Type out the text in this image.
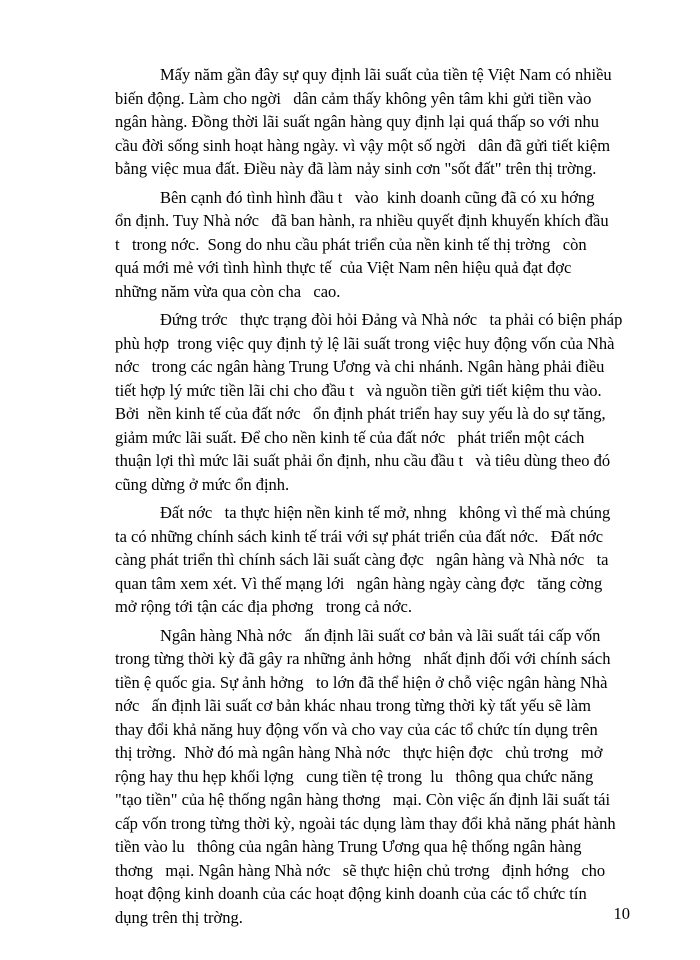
Mấy năm gần đây sự quy định lãi suất của tiền tệ Việt Nam có nhiều
biến động. Làm cho ngời   dân cảm thấy không yên tâm khi gửi tiền vào
ngân hàng. Đồng thời lãi suất ngân hàng quy định lại quá thấp so với nhu
cầu đời sống sinh hoạt hàng ngày. vì vậy một số ngời   dân đã gửi tiết kiệm
bằng việc mua đất. Điều này đã làm nảy sinh cơn "sốt đất" trên thị trờng.
Bên cạnh đó tình hình đầu t   vào  kinh doanh cũng đã có xu hớng
ổn định. Tuy Nhà nớc   đã ban hành, ra nhiều quyết định khuyến khích đầu
t   trong nớc.  Song do nhu cầu phát triển của nền kinh tế thị trờng   còn
quá mới mẻ với tình hình thực tế  của Việt Nam nên hiệu quả đạt đợc
những năm vừa qua còn cha   cao.
Đứng trớc   thực trạng đòi hỏi Đảng và Nhà nớc   ta phải có biện pháp
phù hợp  trong việc quy định tỷ lệ lãi suất trong việc huy động vốn của Nhà
nớc   trong các ngân hàng Trung Ương và chi nhánh. Ngân hàng phải điều
tiết hợp lý mức tiền lãi chi cho đầu t   và nguồn tiền gửi tiết kiệm thu vào.
Bởi  nền kinh tế của đất nớc   ổn định phát triển hay suy yếu là do sự tăng,
giảm mức lãi suất. Để cho nền kinh tế của đất nớc   phát triển một cách
thuận lợi thì mức lãi suất phải ổn định, nhu cầu đầu t   và tiêu dùng theo đó
cũng dừng ở mức ổn định.
Đất nớc   ta thực hiện nền kinh tế mở, nhng   không vì thế mà chúng
ta có những chính sách kinh tế trái với sự phát triển của đất nớc.   Đất nớc
càng phát triển thì chính sách lãi suất càng đợc   ngân hàng và Nhà nớc   ta
quan tâm xem xét. Vì thế mạng lới   ngân hàng ngày càng đợc   tăng cờng
mở rộng tới tận các địa phơng   trong cả nớc.
Ngân hàng Nhà nớc   ấn định lãi suất cơ bản và lãi suất tái cấp vốn
trong từng thời kỳ đã gây ra những ảnh hởng   nhất định đối với chính sách
tiền ệ quốc gia. Sự ảnh hởng   to lớn đã thể hiện ở chỗ việc ngân hàng Nhà
nớc   ấn định lãi suất cơ bản khác nhau trong từng thời kỳ tất yếu sẽ làm
thay đổi khả năng huy động vốn và cho vay của các tổ chức tín dụng trên
thị trờng.  Nhờ đó mà ngân hàng Nhà nớc   thực hiện đợc   chủ trơng   mở
rộng hay thu hẹp khối lợng   cung tiền tệ trong  lu   thông qua chức năng
"tạo tiền" của hệ thống ngân hàng thơng   mại. Còn việc ấn định lãi suất tái
cấp vốn trong từng thời kỳ, ngoài tác dụng làm thay đổi khả năng phát hành
tiền vào lu   thông của ngân hàng Trung Ương qua hệ thống ngân hàng
thơng   mại. Ngân hàng Nhà nớc   sẽ thực hiện chủ trơng   định hớng   cho
hoạt động kinh doanh của các hoạt động kinh doanh của các tổ chức tín
dụng trên thị trờng.	10
